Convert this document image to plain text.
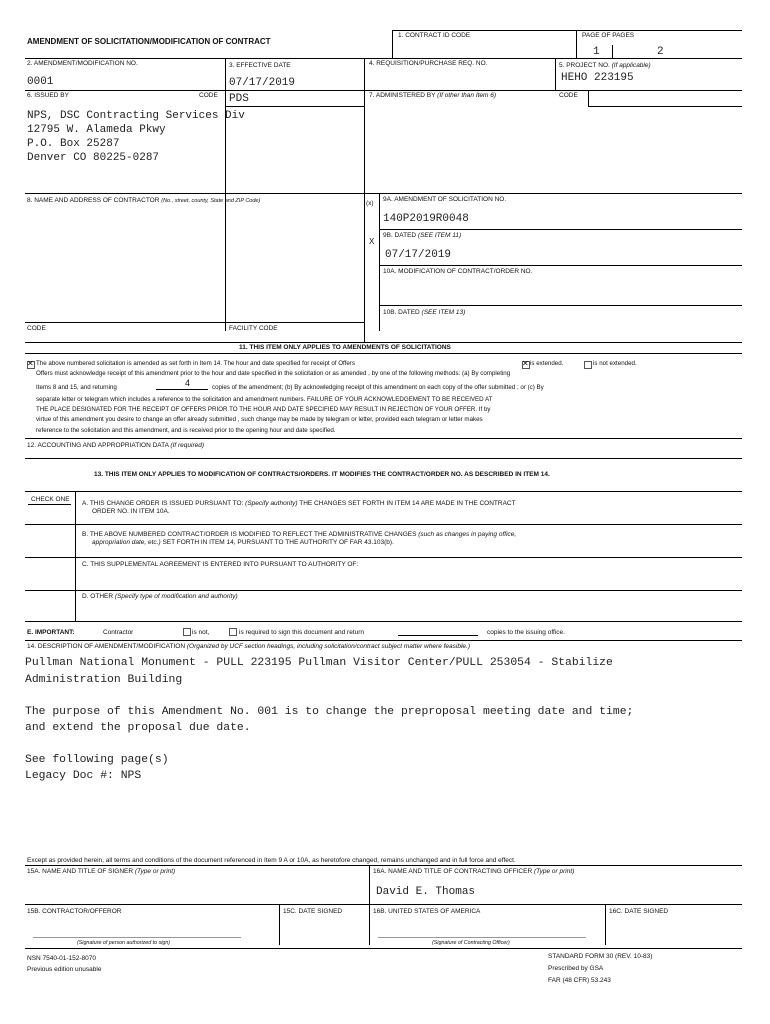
AMENDMENT OF SOLICITATION/MODIFICATION OF CONTRACT
1. CONTRACT ID CODE	PAGE OF PAGES
1	2
2. AMENDMENT/MODIFICATION NO.
0001
3. EFFECTIVE DATE
07/17/2019
4. REQUISITION/PURCHASE REQ. NO.	5. PROJECT NO. (If applicable)
HEHO 223195
6. ISSUED BY	CODE PDS	7. ADMINISTERED BY (If other than Item 6)	CODE
NPS, DSC Contracting Services Div
12795 W. Alameda Pkwy
P.O. Box 25287
Denver CO 80225-0287
8. NAME AND ADDRESS OF CONTRACTOR (No., street, county, State and ZIP Code)	(x)
9A. AMENDMENT OF SOLICITATION NO.
140P2019R0048
X
9B. DATED (SEE ITEM 11)
07/17/2019
10A. MODIFICATION OF CONTRACT/ORDER NO.
10B. DATED (SEE ITEM 13)
CODE	FACILITY CODE
11. THIS ITEM ONLY APPLIES TO AMENDMENTS OF SOLICITATIONS
✕
The above numbered solicitation is amended as set forth in Item 14. The hour and date specified for receipt of Offers
✕	is extended.	is not extended.
Offers must acknowledge receipt of this amendment prior to the hour and date specified in the solicitation or as amended , by one of the following methods: (a) By completing
Items 8 and 15, and returning	4	copies of the amendment; (b) By acknowledging receipt of this amendment on each copy of the offer submitted ; or (c) By
separate letter or telegram which includes a reference to the solicitation and amendment numbers. FAILURE OF YOUR ACKNOWLEDGEMENT TO BE RECEIVED AT
THE PLACE DESIGNATED FOR THE RECEIPT OF OFFERS PRIOR TO THE HOUR AND DATE SPECIFIED MAY RESULT IN REJECTION OF YOUR OFFER. If by
virtue of this amendment you desire to change an offer already submitted , such change may be made by telegram or letter, provided each telegram or letter makes
reference to the solicitation and this amendment, and is received prior to the opening hour and date specified.
12. ACCOUNTING AND APPROPRIATION DATA (If required)
13. THIS ITEM ONLY APPLIES TO MODIFICATION OF CONTRACTS/ORDERS. IT MODIFIES THE CONTRACT/ORDER NO. AS DESCRIBED IN ITEM 14.
CHECK ONE
A. THIS CHANGE ORDER IS ISSUED PURSUANT TO: (Specify authority) THE CHANGES SET FORTH IN ITEM 14 ARE MADE IN THE CONTRACT
ORDER NO. IN ITEM 10A.
B. THE ABOVE NUMBERED CONTRACT/ORDER IS MODIFIED TO REFLECT THE ADMINISTRATIVE CHANGES (such as changes in paying office,
appropriation date, etc.) SET FORTH IN ITEM 14, PURSUANT TO THE AUTHORITY OF FAR 43.103(b).
C. THIS SUPPLEMENTAL AGREEMENT IS ENTERED INTO PURSUANT TO AUTHORITY OF:
D. OTHER (Specify type of modification and authority)
E. IMPORTANT:	Contractor	is not,	is required to sign this document and return	copies to the issuing office.
14. DESCRIPTION OF AMENDMENT/MODIFICATION (Organized by UCF section headings, including solicitation/contract subject matter where feasible.)
Pullman National Monument - PULL 223195 Pullman Visitor Center/PULL 253054 - Stabilize
Administration Building
The purpose of this Amendment No. 001 is to change the preproposal meeting date and time;
and extend the proposal due date.
See following page(s)
Legacy Doc #: NPS
Except as provided herein, all terms and conditions of the document referenced in Item 9 A or 10A, as heretofore changed, remains unchanged and in full force and effect.
15A. NAME AND TITLE OF SIGNER (Type or print)	16A. NAME AND TITLE OF CONTRACTING OFFICER (Type or print)
David E. Thomas
15B. CONTRACTOR/OFFEROR	15C. DATE SIGNED	16B. UNITED STATES OF AMERICA	16C. DATE SIGNED
(Signature of person authorized to sign)	(Signature of Contracting Officer)
NSN 7540-01-152-8070
Previous edition unusable
STANDARD FORM 30 (REV. 10-83)
Prescribed by GSA
FAR (48 CFR) 53.243
